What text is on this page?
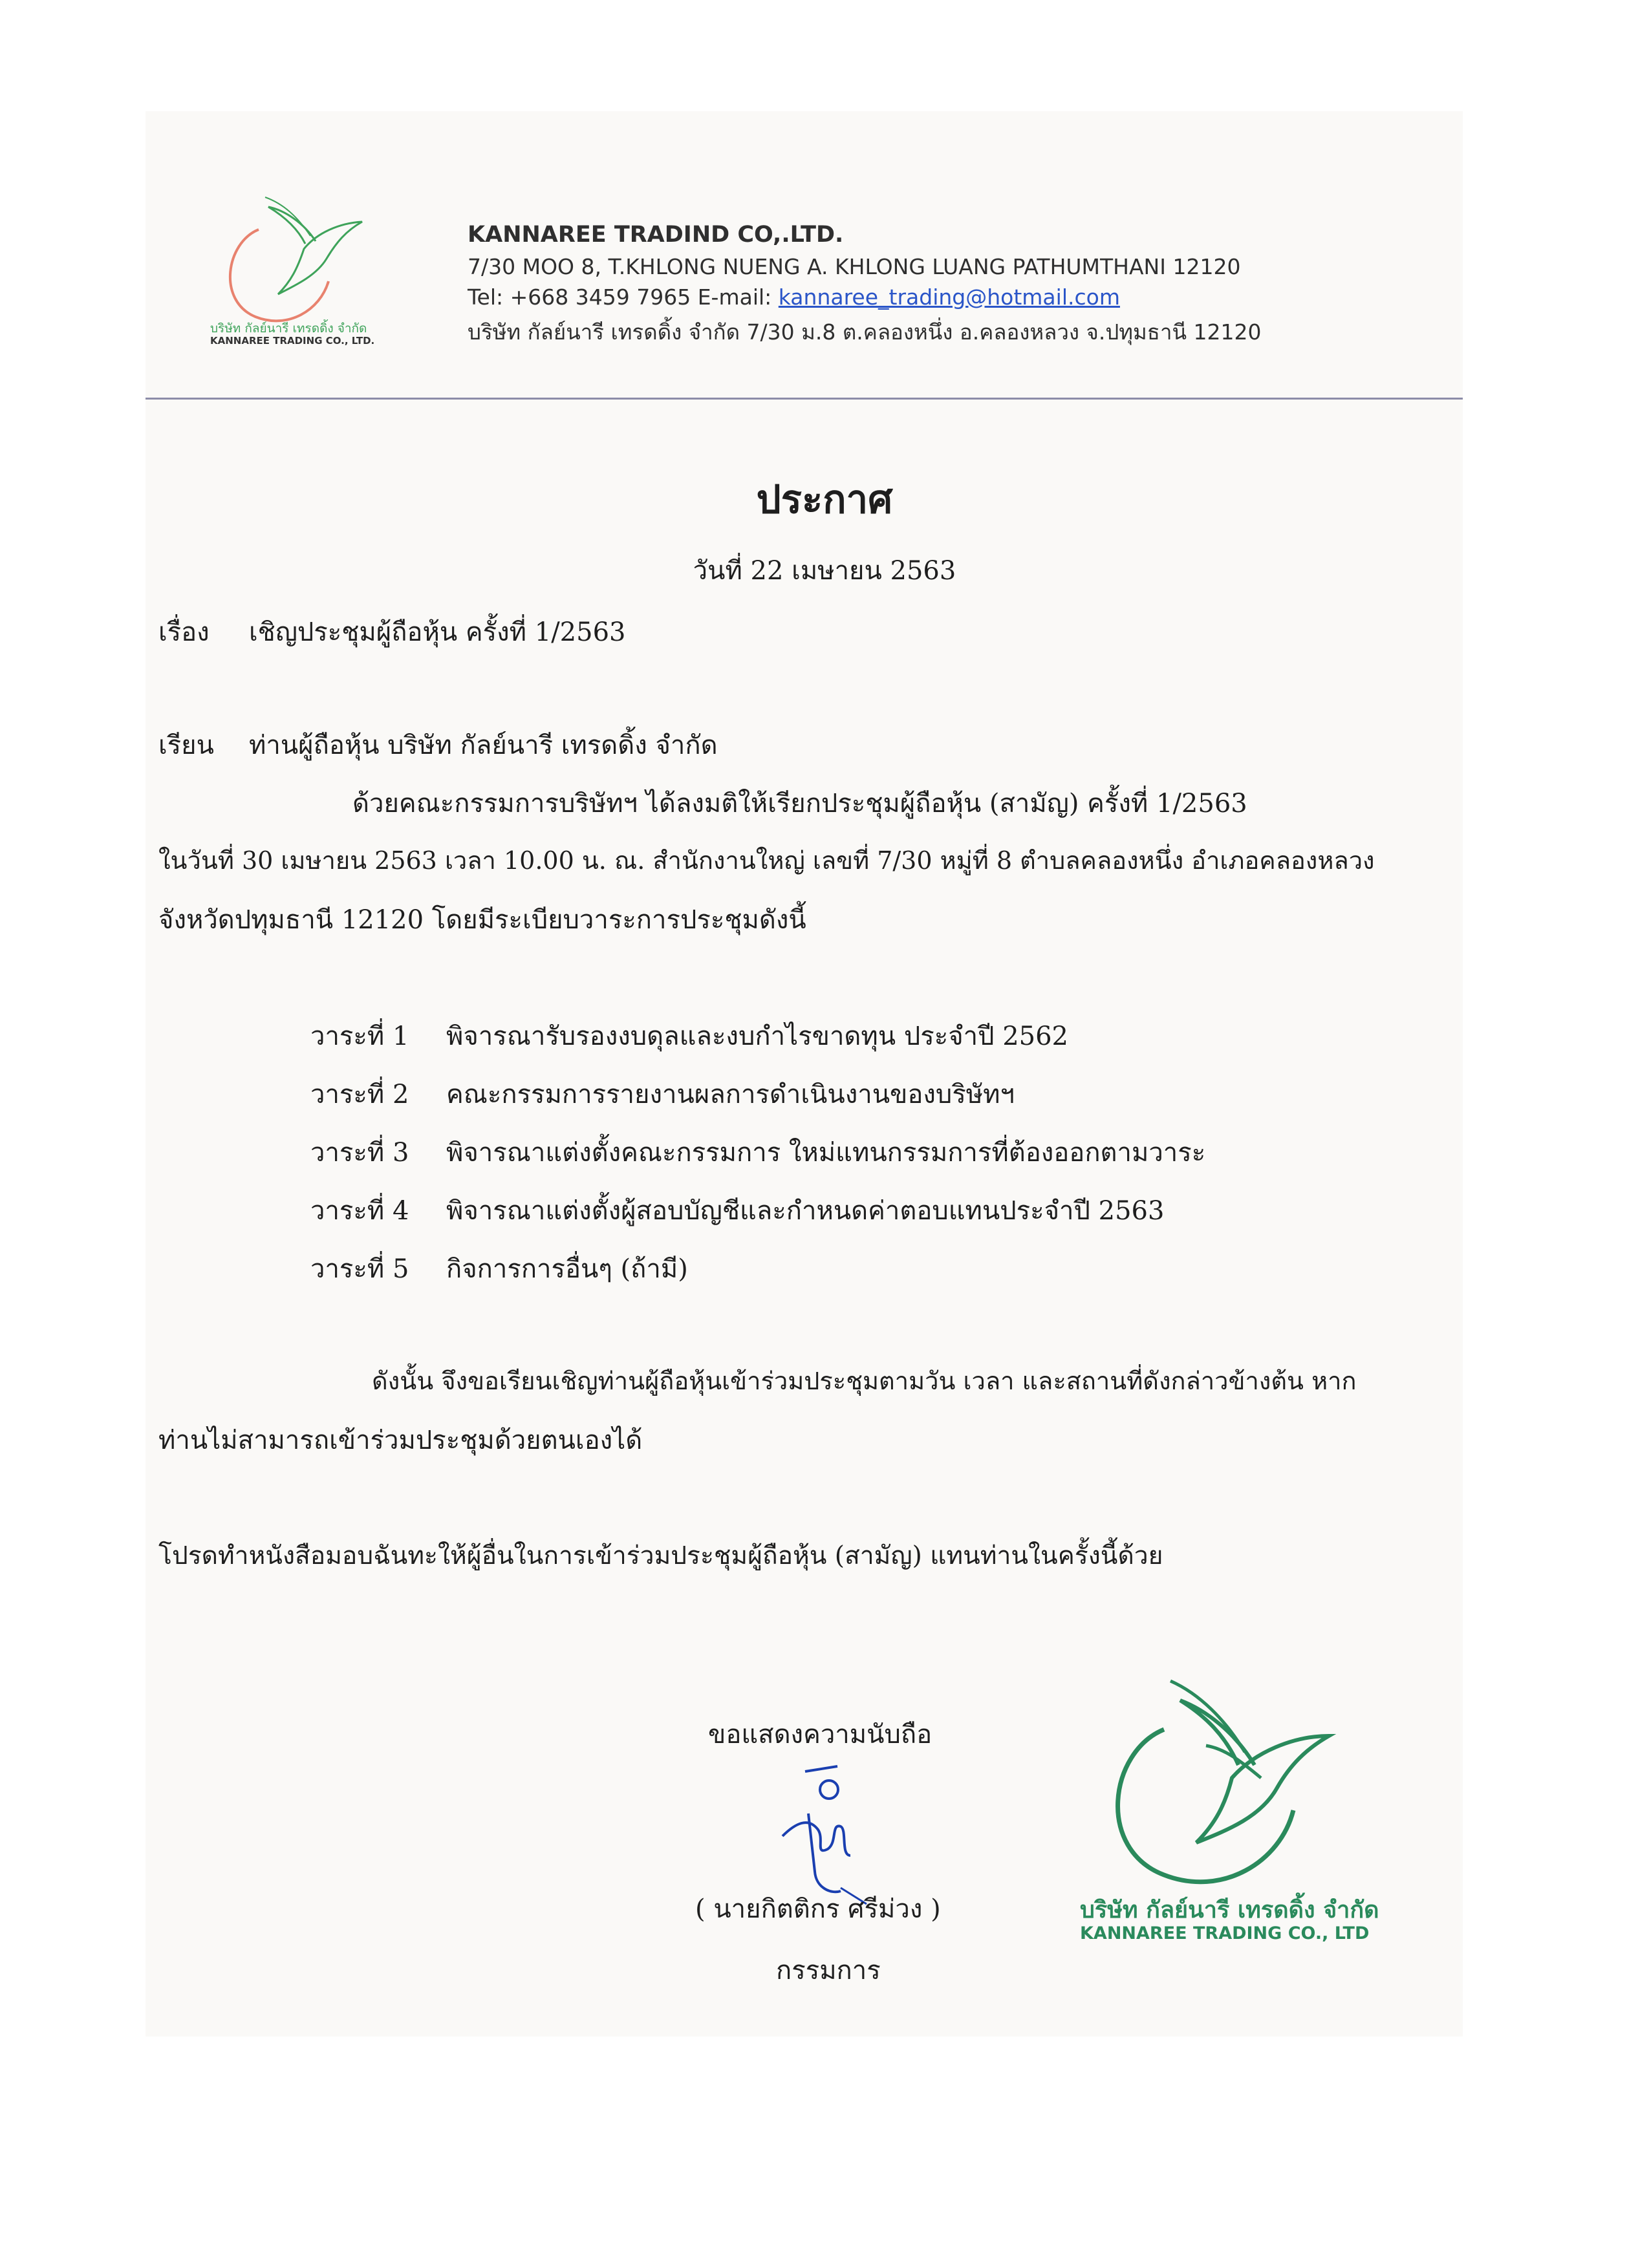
บริษัท กัลย์นารี เทรดดิ้ง จำกัด
KANNAREE TRADING CO., LTD.
KANNAREE TRADIND CO,.LTD.
7/30 MOO 8, T.KHLONG NUENG A. KHLONG LUANG PATHUMTHANI 12120
Tel: +668 3459 7965 E-mail: kannaree_trading@hotmail.com
บริษัท กัลย์นารี เทรดดิ้ง จำกัด 7/30 ม.8 ต.คลองหนึ่ง อ.คลองหลวง จ.ปทุมธานี 12120
ประกาศ
วันที่ 22 เมษายน 2563
เรื่อง เชิญประชุมผู้ถือหุ้น ครั้งที่ 1/2563
เรียน ท่านผู้ถือหุ้น บริษัท กัลย์นารี เทรดดิ้ง จำกัด
ด้วยคณะกรรมการบริษัทฯ ได้ลงมติให้เรียกประชุมผู้ถือหุ้น (สามัญ) ครั้งที่ 1/2563
ในวันที่ 30 เมษายน 2563 เวลา 10.00 น. ณ. สำนักงานใหญ่ เลขที่ 7/30 หมู่ที่ 8 ตำบลคลองหนึ่ง อำเภอคลองหลวง
จังหวัดปทุมธานี 12120 โดยมีระเบียบวาระการประชุมดังนี้
วาระที่ 1 พิจารณารับรองงบดุลและงบกำไรขาดทุน ประจำปี 2562
วาระที่ 2 คณะกรรมการรายงานผลการดำเนินงานของบริษัทฯ
วาระที่ 3 พิจารณาแต่งตั้งคณะกรรมการ ใหม่แทนกรรมการที่ต้องออกตามวาระ
วาระที่ 4 พิจารณาแต่งตั้งผู้สอบบัญชีและกำหนดค่าตอบแทนประจำปี 2563
วาระที่ 5 กิจการการอื่นๆ (ถ้ามี)
ดังนั้น จึงขอเรียนเชิญท่านผู้ถือหุ้นเข้าร่วมประชุมตามวัน เวลา และสถานที่ดังกล่าวข้างต้น หาก
ท่านไม่สามารถเข้าร่วมประชุมด้วยตนเองได้
โปรดทำหนังสือมอบฉันทะให้ผู้อื่นในการเข้าร่วมประชุมผู้ถือหุ้น (สามัญ) แทนท่านในครั้งนี้ด้วย
ขอแสดงความนับถือ
( นายกิตติกร ศรีม่วง )
กรรมการ
บริษัท กัลย์นารี เทรดดิ้ง จำกัด
KANNAREE TRADING CO., LTD
